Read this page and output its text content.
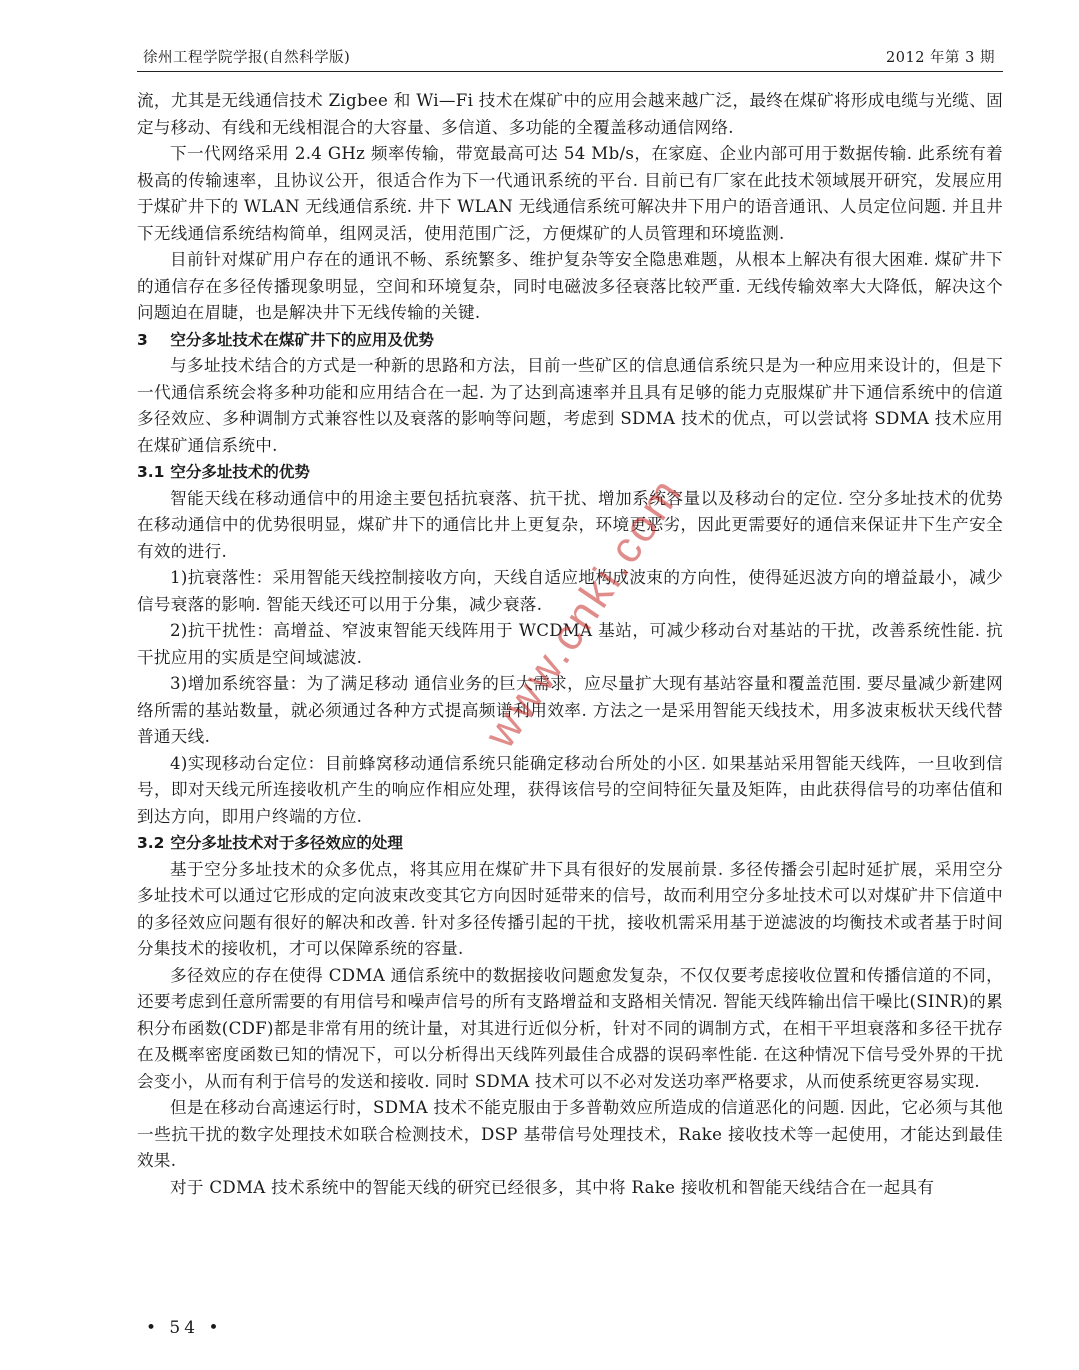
徐州工程学院学报(自然科学版)	2012 年第 3 期

流，尤其是无线通信技术 Zigbee 和 Wi—Fi 技术在煤矿中的应用会越来越广泛，最终在煤矿将形成电缆与光缆、固定与移动、有线和无线相混合的大容量、多信道、多功能的全覆盖移动通信网络.

下一代网络采用 2.4 GHz 频率传输，带宽最高可达 54 Mb/s，在家庭、企业内部可用于数据传输. 此系统有着极高的传输速率，且协议公开，很适合作为下一代通讯系统的平台. 目前已有厂家在此技术领域展开研究，发展应用于煤矿井下的 WLAN 无线通信系统. 井下 WLAN 无线通信系统可解决井下用户的语音通讯、人员定位问题. 并且井下无线通信系统结构简单，组网灵活，使用范围广泛，方便煤矿的人员管理和环境监测.

目前针对煤矿用户存在的通讯不畅、系统繁多、维护复杂等安全隐患难题，从根本上解决有很大困难. 煤矿井下的通信存在多径传播现象明显，空间和环境复杂，同时电磁波多径衰落比较严重. 无线传输效率大大降低，解决这个问题迫在眉睫，也是解决井下无线传输的关键.

3 空分多址技术在煤矿井下的应用及优势

与多址技术结合的方式是一种新的思路和方法，目前一些矿区的信息通信系统只是为一种应用来设计的，但是下一代通信系统会将多种功能和应用结合在一起. 为了达到高速率并且具有足够的能力克服煤矿井下通信系统中的信道多径效应、多种调制方式兼容性以及衰落的影响等问题，考虑到 SDMA 技术的优点，可以尝试将 SDMA 技术应用在煤矿通信系统中.

3.1 空分多址技术的优势

智能天线在移动通信中的用途主要包括抗衰落、抗干扰、增加系统容量以及移动台的定位. 空分多址技术的优势在移动通信中的优势很明显，煤矿井下的通信比井上更复杂，环境更恶劣，因此更需要好的通信来保证井下生产安全有效的进行.

1)抗衰落性：采用智能天线控制接收方向，天线自适应地构成波束的方向性，使得延迟波方向的增益最小，减少信号衰落的影响. 智能天线还可以用于分集，减少衰落.

2)抗干扰性：高增益、窄波束智能天线阵用于 WCDMA 基站，可减少移动台对基站的干扰，改善系统性能. 抗干扰应用的实质是空间域滤波.

3)增加系统容量：为了满足移动 通信业务的巨大需求，应尽量扩大现有基站容量和覆盖范围. 要尽量减少新建网络所需的基站数量，就必须通过各种方式提高频谱利用效率. 方法之一是采用智能天线技术，用多波束板状天线代替普通天线.

4)实现移动台定位：目前蜂窝移动通信系统只能确定移动台所处的小区. 如果基站采用智能天线阵，一旦收到信号，即对天线元所连接收机产生的响应作相应处理，获得该信号的空间特征矢量及矩阵，由此获得信号的功率估值和到达方向，即用户终端的方位.

3.2 空分多址技术对于多径效应的处理

基于空分多址技术的众多优点，将其应用在煤矿井下具有很好的发展前景. 多径传播会引起时延扩展，采用空分多址技术可以通过它形成的定向波束改变其它方向因时延带来的信号，故而利用空分多址技术可以对煤矿井下信道中的多径效应问题有很好的解决和改善. 针对多径传播引起的干扰，接收机需采用基于逆滤波的均衡技术或者基于时间分集技术的接收机，才可以保障系统的容量.

多径效应的存在使得 CDMA 通信系统中的数据接收问题愈发复杂，不仅仅要考虑接收位置和传播信道的不同，还要考虑到任意所需要的有用信号和噪声信号的所有支路增益和支路相关情况. 智能天线阵输出信干噪比(SINR)的累积分布函数(CDF)都是非常有用的统计量，对其进行近似分析，针对不同的调制方式，在相干平坦衰落和多径干扰存在及概率密度函数已知的情况下，可以分析得出天线阵列最佳合成器的误码率性能. 在这种情况下信号受外界的干扰会变小，从而有利于信号的发送和接收. 同时 SDMA 技术可以不必对发送功率严格要求，从而使系统更容易实现.

但是在移动台高速运行时，SDMA 技术不能克服由于多普勒效应所造成的信道恶化的问题. 因此，它必须与其他一些抗干扰的数字处理技术如联合检测技术，DSP 基带信号处理技术，Rake 接收技术等一起使用，才能达到最佳效果.

对于 CDMA 技术系统中的智能天线的研究已经很多，其中将 Rake 接收机和智能天线结合在一起具有

www.cnki.com
• 54 •
